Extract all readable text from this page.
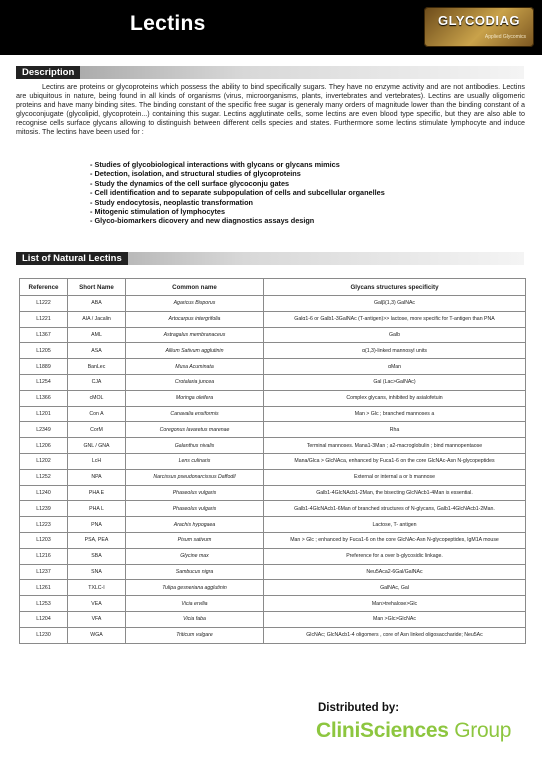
Lectins	GLYCODIAG
Applied Glycomics
Description

Lectins are proteins or glycoproteins which possess the ability to bind specifically sugars. They have no enzyme activity and are not antibodies. Lectins are ubiquitous in nature, being found in all kinds of organisms (virus, microorganisms, plants, invertebrates and vertebrates). Lectins are usually oligomeric proteins and have many binding sites. The binding constant of the specific free sugar is generaly many orders of magnitude lower than the binding constant of a glycoconjugate (glycolipid, glycoprotein...) containing this sugar. Lectins agglutinate cells, some lectins are even blood type specific, but they are also able to recognise cells surface glycans allowing to distinguish between different cells species and states. Furthermore some lectins stimulate lymphocyte and induce mitosis. The lectins have been used for :

- Studies of glycobiological interactions with glycans or glycans mimics
- Detection, isolation, and structural studies of glycoproteins
- Study the dynamics of the cell surface glycoconju gates
- Cell identification and to separate subpopulation of cells and subcellular organelles
- Study endocytosis, neoplastic transformation
- Mitogenic stimulation of lymphocytes
- Glyco-biomarkers dicovery and new diagnostics assays design
List of Natural Lectins
Reference	Short Name	Common name	Glycans structures specificity
L1222	ABA	Agaricus Bisporus	Galβ(1,3) GalNAc
L1221	AIA / Jacalin	Artocarpus intergrifolia	Galα1-6 or Galb1-3GalNAc (T-antigen)>> lactose, more specific for T-antigen than PNA
L1367	AML	Astragalus membranaceus	Galb
L1205	ASA	Allium Sativum agglutinin	α(1,3)-linked mannosyl units
L1889	BanLec	Musa Acuminata	αMan
L1254	CJA	Crotalaria juncea	Gal (Lac>GalNAc)
L1366	cMOL	Moringa oleifera	Complex glycans, inhibited by asialofetuin
L1201	Con A	Canavalia ensiformis	Man > Glc ; branched mannoses a
L2349	CorM	Coregonus lavaretus marenae	Rha
L1206	GNL / GNA	Galanthus nivalis	Terminal mannoses. Mana1-3Man ; a2-macroglobulin ; bind mannopentaose
L1202	LcH	Lens culinaris	Mana/Glca > GlcNAca, enhanced by Fuca1-6 on the core GlcNAc-Asn N-glycopeptides
L1252	NPA	Narcissus pseudonarcissus Daffodil	External or internal a or b mannose
L1240	PHA E	Phaseolus vulgaris	Galb1-4GlcNAcb1-2Man, the bisecting GlcNAcb1-4Man is essential.
L1239	PHA L	Phaseolus vulgaris	Galb1-4GlcNAcb1-6Man of branched structures of N-glycans, Galb1-4GlcNAcb1-2Man.
L1223	PNA	Arachis hypogaea	Lactose, T- antigen
L1203	PSA, PEA	Pisum sativum	Man > Glc ; enhanced by Fuca1-6 on the core GlcNAc-Asn N-glycopeptides, IgM1A mouse
L1216	SBA	Glycine max	Preference for a over b-glycosidic linkage.
L1237	SNA	Sambucus nigra	Neu5Aca2-6Gal/GalNAc
L1261	TXLC-I	Tulipa gesneriana agglutinin	GalNAc, Gal
L1253	VEA	Vicia ervilia	Man>trehalose>Glc
L1204	VFA	Vicia faba	Man >Glc>GlcNAc
L1230	WGA	Triticum vulgare	GlcNAc; GlcNAcb1-4 oligomers , core of Asn linked oligosaccharide; Neu5Ac
Distributed by:
CliniSciences Group
